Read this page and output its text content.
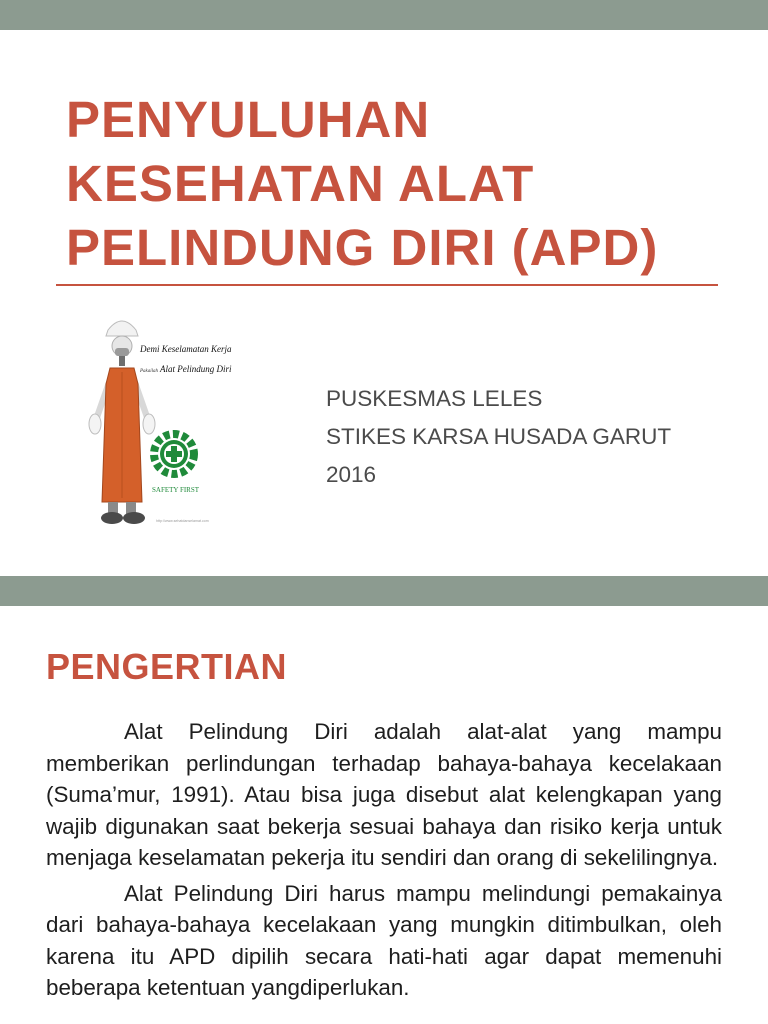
PENYULUHAN
KESEHATAN ALAT
PELINDUNG DIRI (APD)
Demi Keselamatan Kerja
Pakailah Alat Pelindung Diri
SAFETY FIRST
http://www.sehatdanselamat.com
PUSKESMAS LELES
STIKES KARSA HUSADA GARUT
2016
PENGERTIAN

Alat Pelindung Diri adalah alat-alat yang mampu memberikan perlindungan terhadap bahaya-bahaya kecelakaan (Suma’mur, 1991). Atau bisa juga disebut alat kelengkapan yang wajib digunakan saat bekerja sesuai bahaya dan risiko kerja untuk menjaga keselamatan pekerja itu sendiri dan orang di sekelilingnya.

Alat Pelindung Diri harus mampu melindungi pemakainya dari bahaya-bahaya kecelakaan yang mungkin ditimbulkan, oleh karena itu APD dipilih secara hati-hati agar dapat memenuhi beberapa ketentuan yangdiperlukan.
